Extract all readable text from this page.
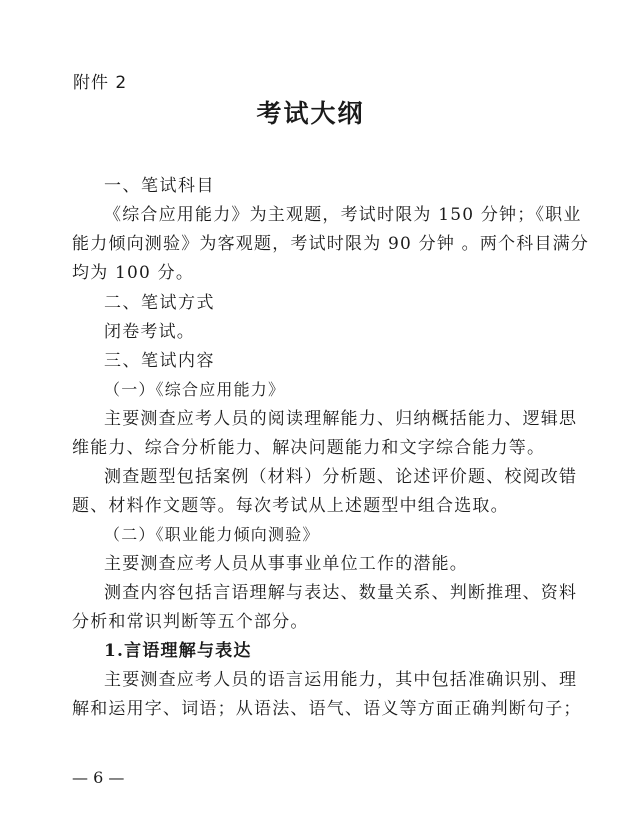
附件 2
考试大纲
一、笔试科目
《综合应用能力》为主观题，考试时限为 150 分钟；《职业
能力倾向测验》为客观题，考试时限为 90 分钟 。两个科目满分
均为 100 分。
二、笔试方式
闭卷考试。
三、笔试内容
（一）《综合应用能力》
主要测查应考人员的阅读理解能力、归纳概括能力、逻辑思
维能力、综合分析能力、解决问题能力和文字综合能力等。
测查题型包括案例（材料）分析题、论述评价题、校阅改错
题、材料作文题等。每次考试从上述题型中组合选取。
（二）《职业能力倾向测验》
主要测查应考人员从事事业单位工作的潜能。
测查内容包括言语理解与表达、数量关系、判断推理、资料
分析和常识判断等五个部分。
1.言语理解与表达
主要测查应考人员的语言运用能力，其中包括准确识别、理
解和运用字、词语；从语法、语气、语义等方面正确判断句子；
— 6 —
